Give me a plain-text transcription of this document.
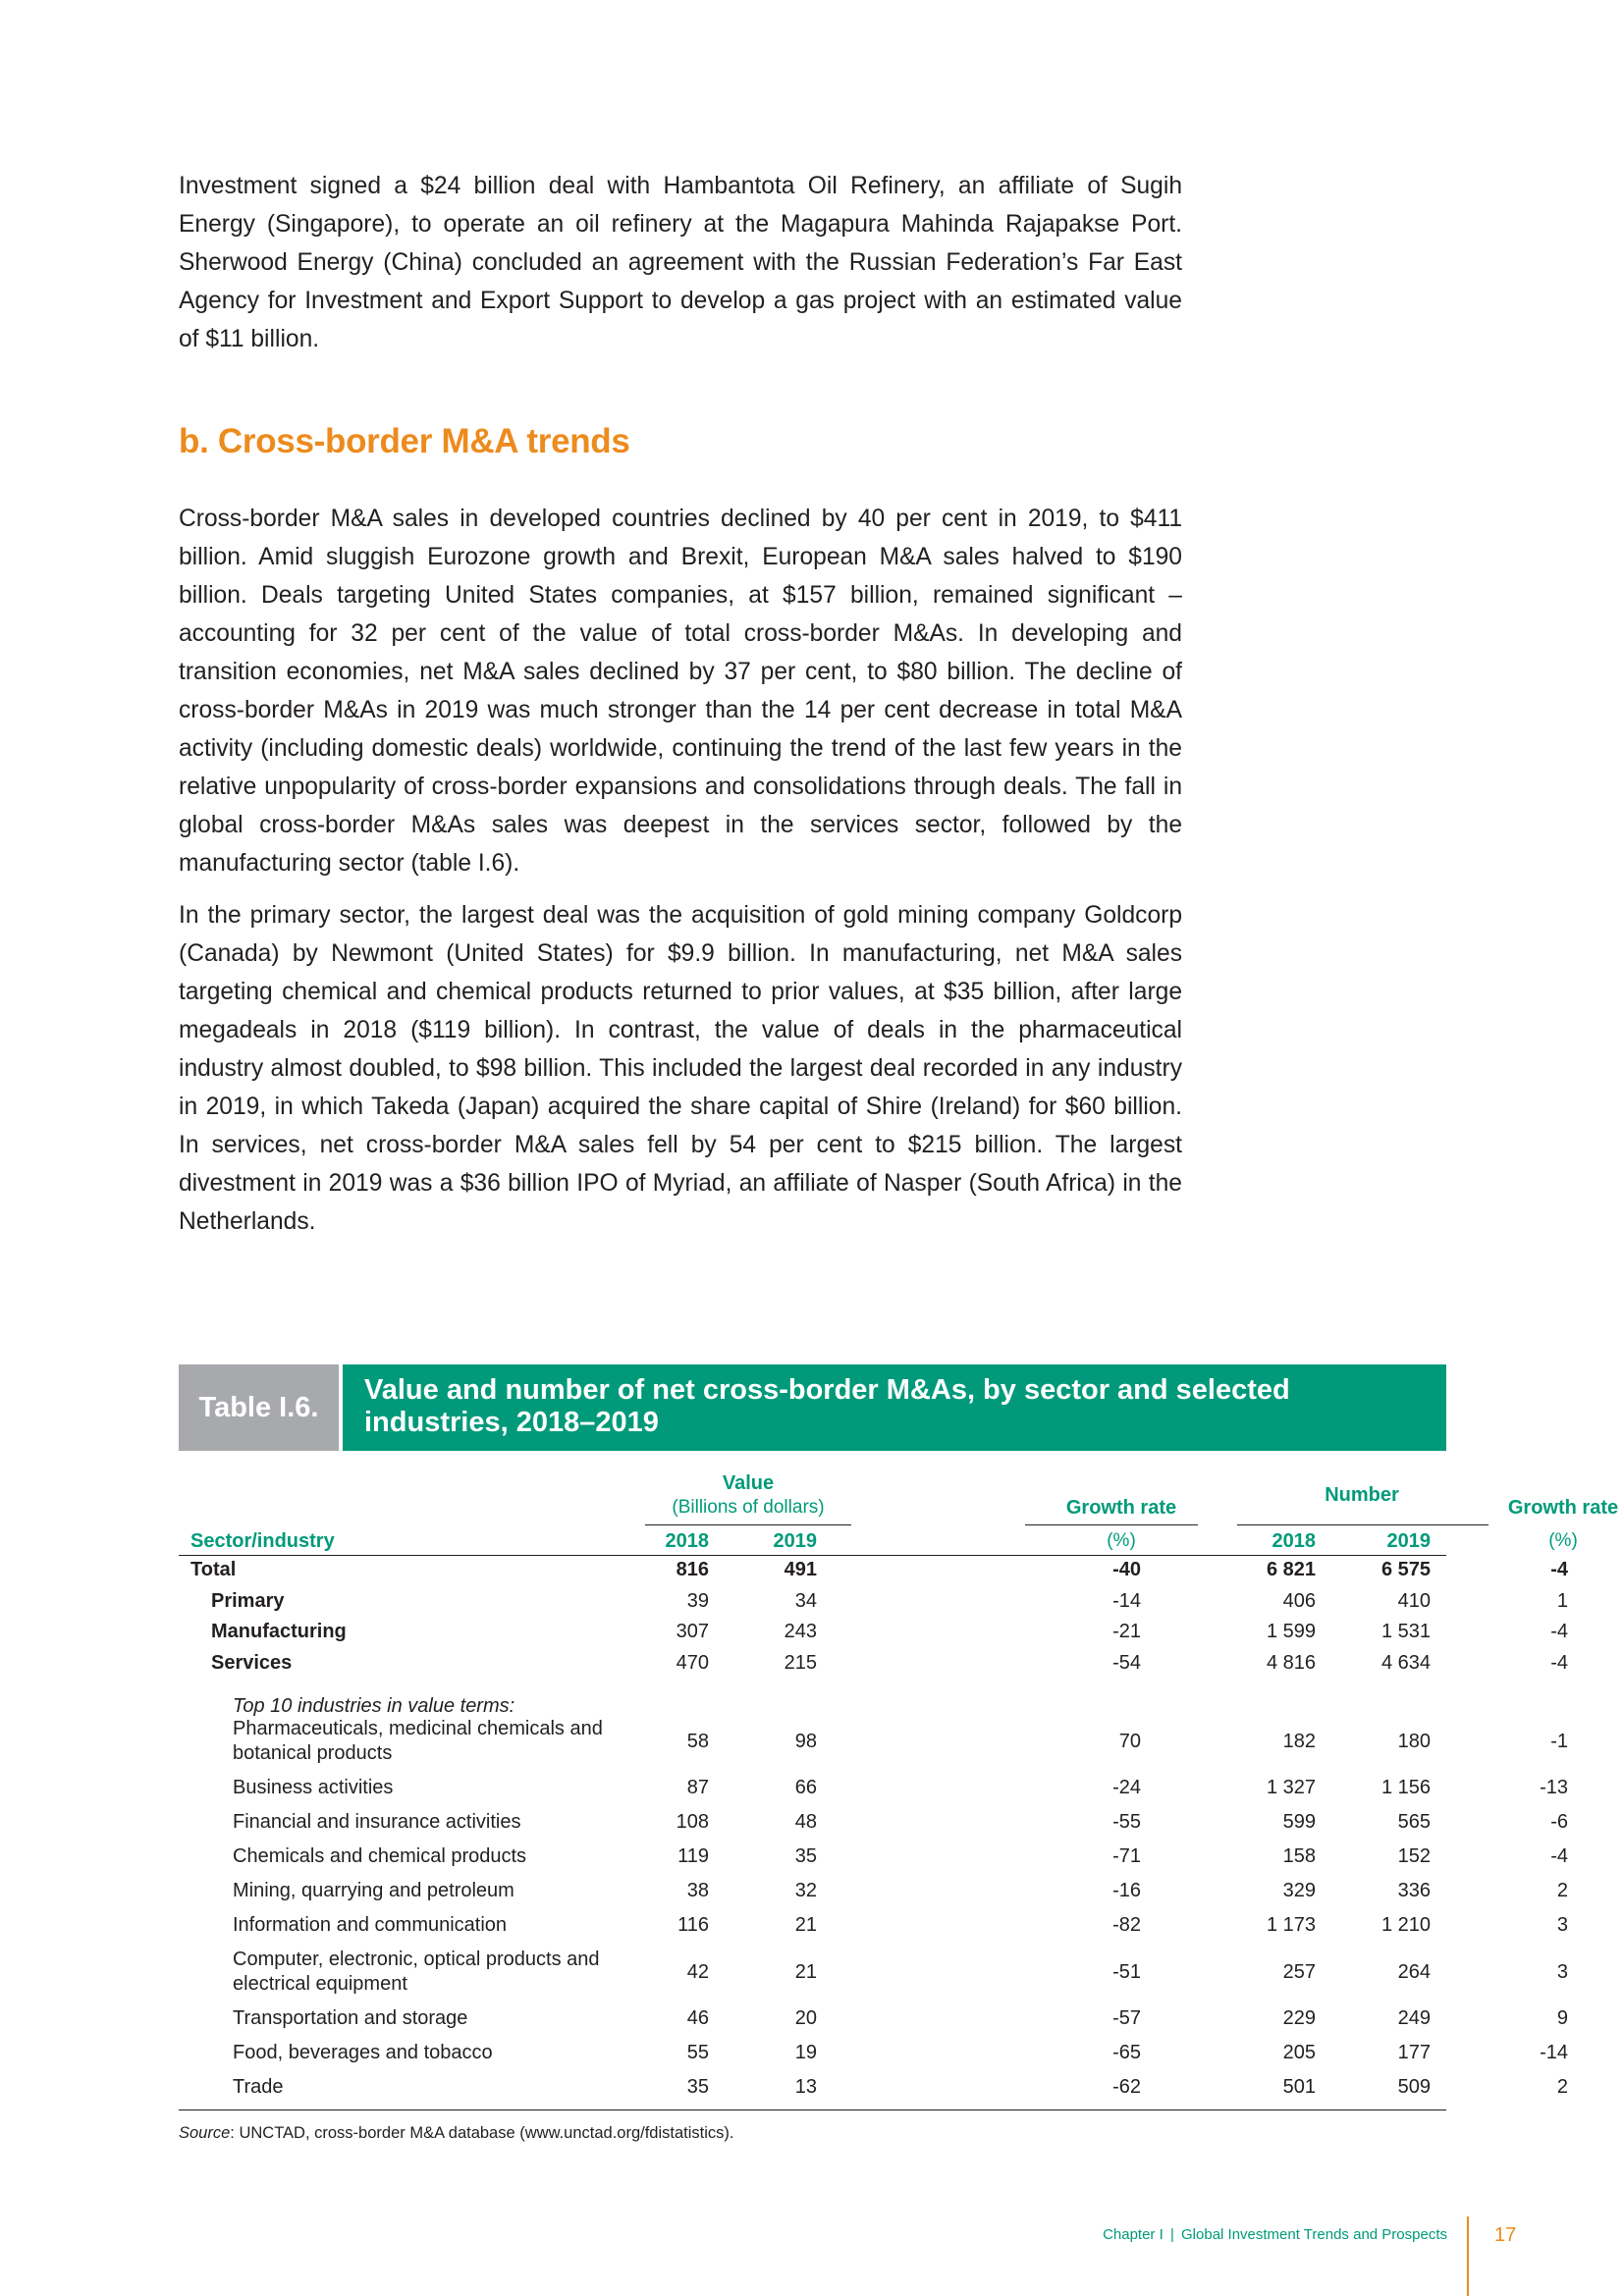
Investment signed a $24 billion deal with Hambantota Oil Refinery, an affiliate of Sugih Energy (Singapore), to operate an oil refinery at the Magapura Mahinda Rajapakse Port. Sherwood Energy (China) concluded an agreement with the Russian Federation’s Far East Agency for Investment and Export Support to develop a gas project with an estimated value of $11 billion.

b. Cross-border M&A trends

Cross-border M&A sales in developed countries declined by 40 per cent in 2019, to $411 billion. Amid sluggish Eurozone growth and Brexit, European M&A sales halved to $190 billion. Deals targeting United States companies, at $157 billion, remained significant – accounting for 32 per cent of the value of total cross-border M&As. In developing and transition economies, net M&A sales declined by 37 per cent, to $80 billion. The decline of cross-border M&As in 2019 was much stronger than the 14 per cent decrease in total M&A activity (including domestic deals) worldwide, continuing the trend of the last few years in the relative unpopularity of cross-border expansions and consolidations through deals. The fall in global cross-border M&As sales was deepest in the services sector, followed by the manufacturing sector (table I.6).

In the primary sector, the largest deal was the acquisition of gold mining company Goldcorp (Canada) by Newmont (United States) for $9.9 billion. In manufacturing, net M&A sales targeting chemical and chemical products returned to prior values, at $35 billion, after large megadeals in 2018 ($119 billion). In contrast, the value of deals in the pharmaceutical industry almost doubled, to $98 billion. This included the largest deal recorded in any industry in 2019, in which Takeda (Japan) acquired the share capital of Shire (Ireland) for $60 billion. In services, net cross-border M&A sales fell by 54 per cent to $215 billion. The largest divestment in 2019 was a $36 billion IPO of Myriad, an affiliate of Nasper (South Africa) in the Netherlands.

Table I.6.
Value and number of net cross-border M&As, by sector and selected industries, 2018–2019
Value
(Billions of dollars)	Growth rate
Number
Growth rate
Sector/industry	2018	2019	(%)	2018	2019	(%)
Total	816	491	-40	6 821	6 575	-4
Primary	39	34	-14	406	410	1
Manufacturing	307	243	-21	1 599	1 531	-4
Services	470	215	-54	4 816	4 634	-4
Pharmaceuticals, medicinal chemicals and
botanical products
58	98	70	182	180	-1
Business activities	87	66	-24	1 327	1 156	-13
Financial and insurance activities	108	48	-55	599	565	-6
Chemicals and chemical products	119	35	-71	158	152	-4
Mining, quarrying and petroleum	38	32	-16	329	336	2
Information and communication	116	21	-82	1 173	1 210	3
Computer, electronic, optical products and
electrical equipment
42	21	-51	257	264	3
Transportation and storage	46	20	-57	229	249	9
Food, beverages and tobacco	55	19	-65	205	177	-14
Trade	35	13	-62	501	509	2
Top 10 industries in value terms:

Source: UNCTAD, cross-border M&A database (www.unctad.org/fdistatistics).

Chapter I | Global Investment Trends and Prospects 17
